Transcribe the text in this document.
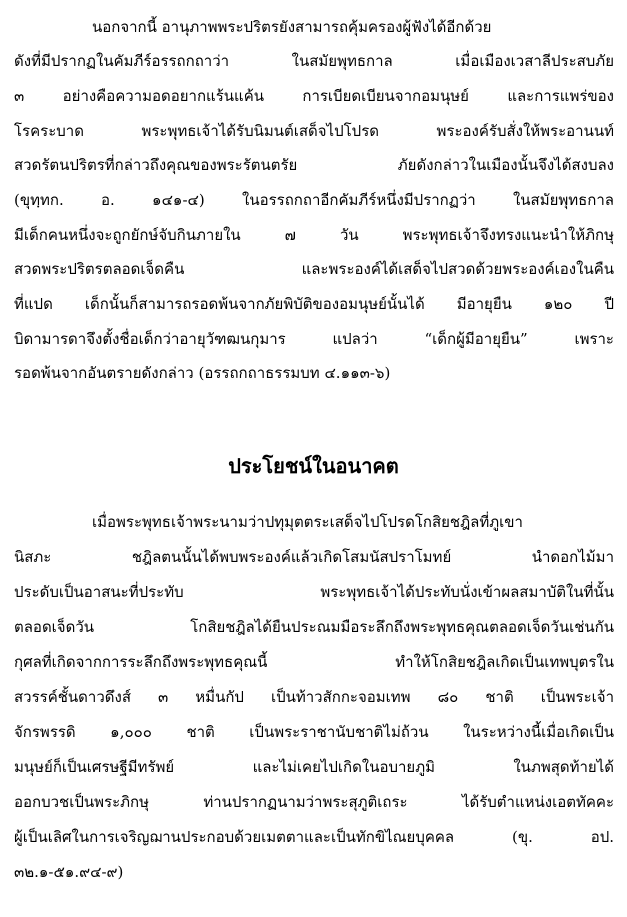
นอกจากนี้ อานุภาพพระปริตรยังสามารถคุ้มครองผู้ฟังได้อีกด้วย
ดังที่มีปรากฏในคัมภีร์อรรถกถาว่า ในสมัยพุทธกาล เมื่อเมืองเวสาลีประสบภัย
๓ อย่างคือความอดอยากแร้นแค้น การเบียดเบียนจากอมนุษย์ และการแพร่ของ
โรคระบาด พระพุทธเจ้าได้รับนิมนต์เสด็จไปโปรด พระองค์รับสั่งให้พระอานนท์
สวดรัตนปริตรที่กล่าวถึงคุณของพระรัตนตรัย ภัยดังกล่าวในเมืองนั้นจึงได้สงบลง
(ขุทฺทก. อ. ๑๔๑-๔) ในอรรถกถาอีกคัมภีร์หนึ่งมีปรากฏว่า ในสมัยพุทธกาล
มีเด็กคนหนึ่งจะถูกยักษ์จับกินภายใน ๗ วัน พระพุทธเจ้าจึงทรงแนะนำให้ภิกษุ
สวดพระปริตรตลอดเจ็ดคืน และพระองค์ได้เสด็จไปสวดด้วยพระองค์เองในคืน
ที่แปด เด็กนั้นก็สามารถรอดพ้นจากภัยพิบัติของอมนุษย์นั้นได้ มีอายุยืน ๑๒๐ ปี
บิดามารดาจึงตั้งชื่อเด็กว่าอายุวัฑฒนกุมาร แปลว่า “เด็กผู้มีอายุยืน” เพราะ
รอดพ้นจากอันตรายดังกล่าว (อรรถกถาธรรมบท ๔.๑๑๓-๖)
ประโยชน์ในอนาคต
เมื่อพระพุทธเจ้าพระนามว่าปทุมุตตระเสด็จไปโปรดโกสิยชฎิลที่ภูเขา
นิสภะ ชฎิลตนนั้นได้พบพระองค์แล้วเกิดโสมนัสปราโมทย์ นำดอกไม้มา
ประดับเป็นอาสนะที่ประทับ พระพุทธเจ้าได้ประทับนั่งเข้าผลสมาบัติในที่นั้น
ตลอดเจ็ดวัน โกสิยชฎิลได้ยืนประณมมือระลึกถึงพระพุทธคุณตลอดเจ็ดวันเช่นกัน
กุศลที่เกิดจากการระลึกถึงพระพุทธคุณนี้ ทำให้โกสิยชฎิลเกิดเป็นเทพบุตรใน
สวรรค์ชั้นดาวดึงส์ ๓ หมื่นกัป เป็นท้าวสักกะจอมเทพ ๘๐ ชาติ เป็นพระเจ้า
จักรพรรดิ ๑,๐๐๐ ชาติ เป็นพระราชานับชาติไม่ถ้วน ในระหว่างนี้เมื่อเกิดเป็น
มนุษย์ก็เป็นเศรษฐีมีทรัพย์ และไม่เคยไปเกิดในอบายภูมิ ในภพสุดท้ายได้
ออกบวชเป็นพระภิกษุ ท่านปรากฏนามว่าพระสุภูติเถระ ได้รับตำแหน่งเอตทัคคะ
ผู้เป็นเลิศในการเจริญฌานประกอบด้วยเมตตาและเป็นทักขิไณยบุคคล (ขุ. อป.
๓๒.๑-๕๑.๙๔-๙)
